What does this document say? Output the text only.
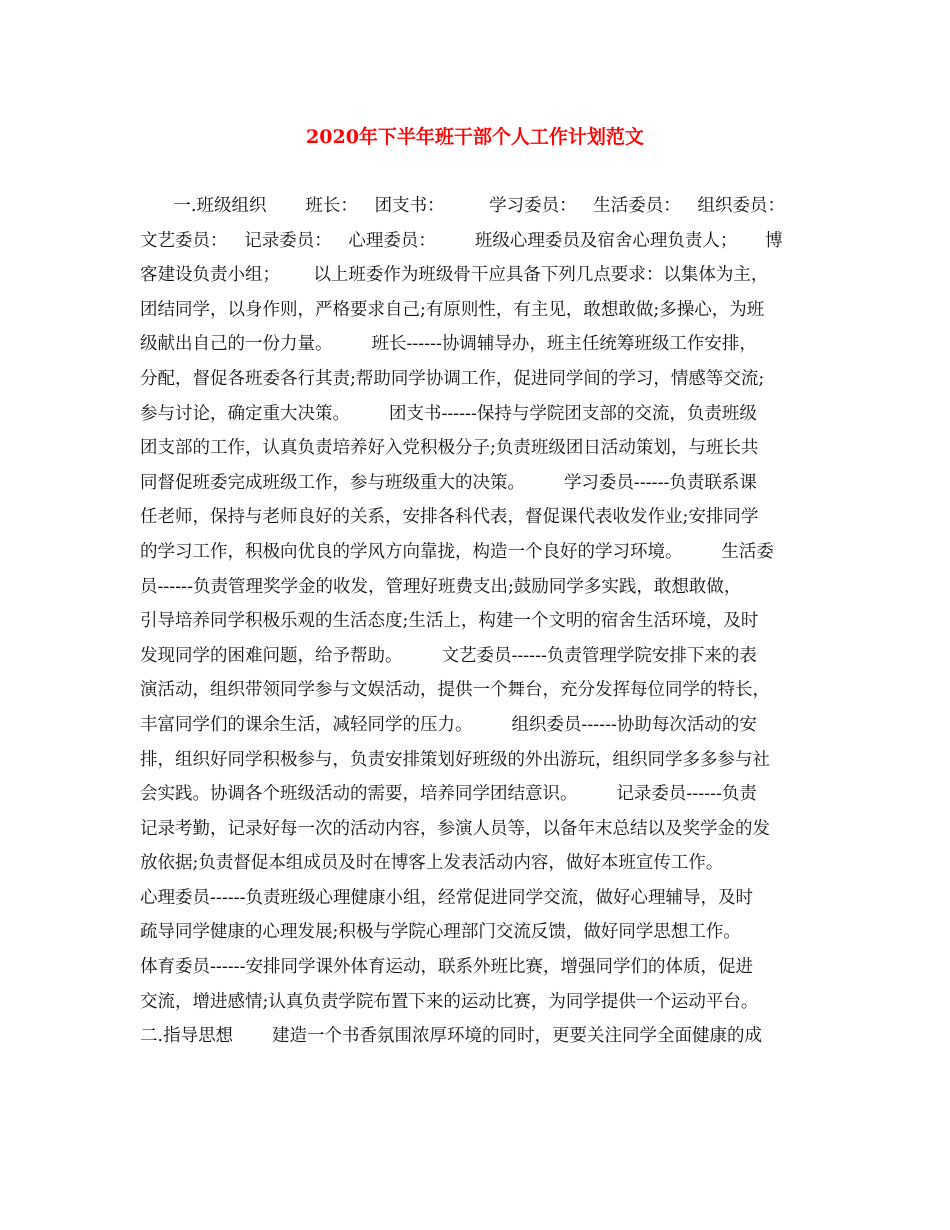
2020年下半年班干部个人工作计划范文
一.班级组织       班长：   团支书：        学习委员：   生活委员：   组织委员：
文艺委员：   记录委员：   心理委员：       班级心理委员及宿舍心理负责人；     博
客建设负责小组；      以上班委作为班级骨干应具备下列几点要求：以集体为主，
团结同学，以身作则，严格要求自己;有原则性，有主见，敢想敢做;多操心，为班
级献出自己的一份力量。       班长------协调辅导办，班主任统筹班级工作安排，
分配，督促各班委各行其责;帮助同学协调工作，促进同学间的学习，情感等交流;
参与讨论，确定重大决策。       团支书------保持与学院团支部的交流，负责班级
团支部的工作，认真负责培养好入党积极分子;负责班级团日活动策划，与班长共
同督促班委完成班级工作，参与班级重大的决策。       学习委员------负责联系课
任老师，保持与老师良好的关系，安排各科代表，督促课代表收发作业;安排同学
的学习工作，积极向优良的学风方向靠拢，构造一个良好的学习环境。       生活委
员------负责管理奖学金的收发，管理好班费支出;鼓励同学多实践，敢想敢做，
引导培养同学积极乐观的生活态度;生活上，构建一个文明的宿舍生活环境，及时
发现同学的困难问题，给予帮助。       文艺委员------负责管理学院安排下来的表
演活动，组织带领同学参与文娱活动，提供一个舞台，充分发挥每位同学的特长，
丰富同学们的课余生活，减轻同学的压力。       组织委员------协助每次活动的安
排，组织好同学积极参与，负责安排策划好班级的外出游玩，组织同学多多参与社
会实践。协调各个班级活动的需要，培养同学团结意识。       记录委员------负责
记录考勤，记录好每一次的活动内容，参演人员等，以备年末总结以及奖学金的发
放依据;负责督促本组成员及时在博客上发表活动内容，做好本班宣传工作。
心理委员------负责班级心理健康小组，经常促进同学交流，做好心理辅导，及时
疏导同学健康的心理发展;积极与学院心理部门交流反馈，做好同学思想工作。
体育委员------安排同学课外体育运动，联系外班比赛，增强同学们的体质，促进
交流，增进感情;认真负责学院布置下来的运动比赛，为同学提供一个运动平台。
二.指导思想       建造一个书香氛围浓厚环境的同时，更要关注同学全面健康的成
